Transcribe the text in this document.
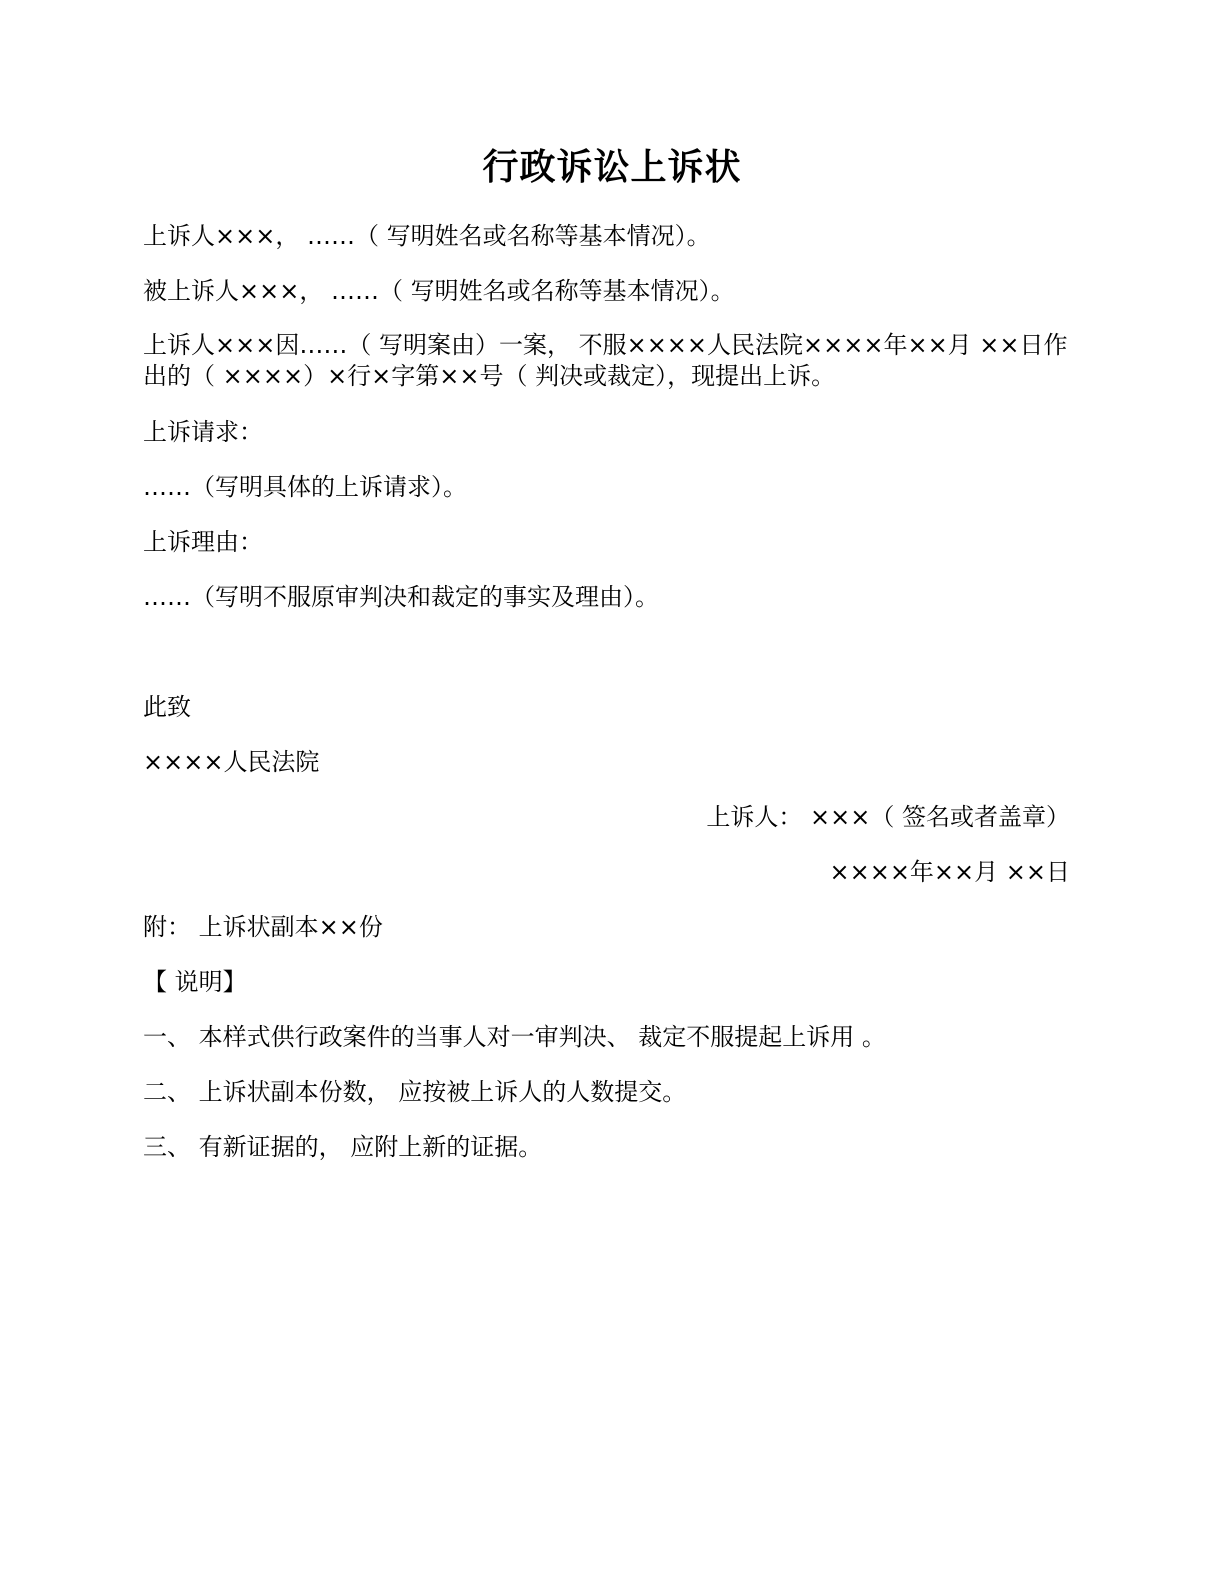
行政诉讼上诉状
上诉人×××， ……（ 写明姓名或名称等基本情况）。
被上诉人×××， ……（ 写明姓名或名称等基本情况）。
上诉人×××因……（ 写明案由）一案， 不服××××人民法院××××年××月 ××日作出的（ ××××）×行×字第××号（ 判决或裁定），现提出上诉。
上诉请求：
……（写明具体的上诉请求）。
上诉理由：
……（写明不服原审判决和裁定的事实及理由）。
此致
××××人民法院
上诉人： ×××（ 签名或者盖章）
××××年××月 ××日
附： 上诉状副本××份
【 说明】
一、 本样式供行政案件的当事人对一审判决、 裁定不服提起上诉用 。
二、 上诉状副本份数， 应按被上诉人的人数提交。
三、 有新证据的， 应附上新的证据。
